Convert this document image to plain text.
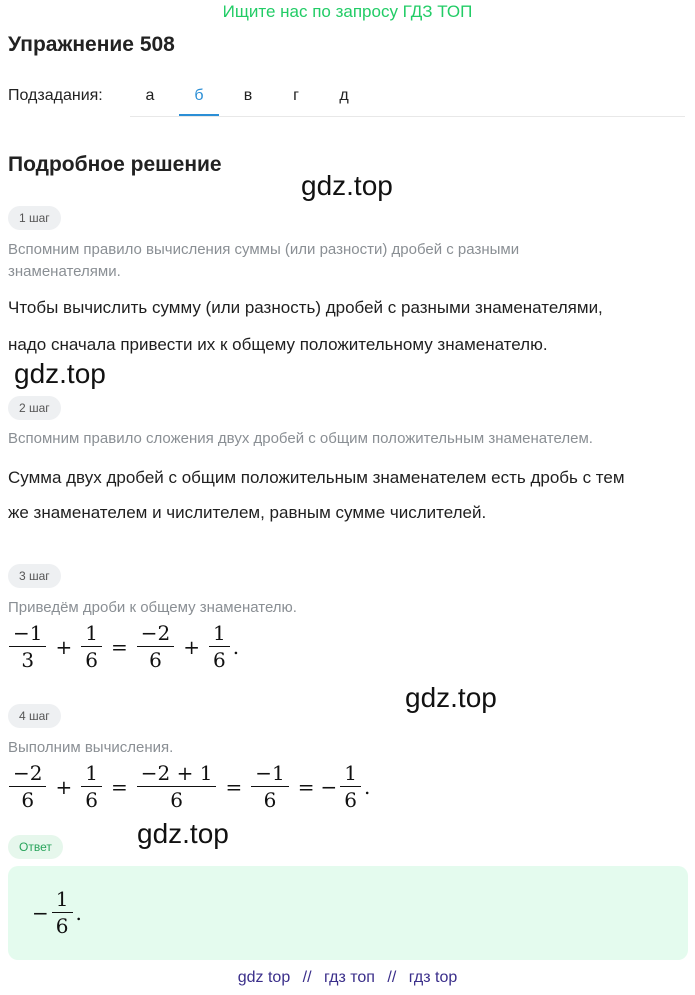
Ищите нас по запросу ГДЗ ТОП
Упражнение 508
Подзадания:	а	б	в	г	д
Подробное решение
gdz.top
gdz.top
gdz.top
gdz.top
1 шаг
Вспомним правило вычисления суммы (или разности) дробей с разными знаменателями.
Чтобы вычислить сумму (или разность) дробей с разными знаменателями,
надо сначала привести их к общему положительному знаменателю.
2 шаг
Вспомним правило сложения двух дробей с общим положительным знаменателем.
Сумма двух дробей с общим положительным знаменателем есть дробь с тем
же знаменателем и числителем, равным сумме числителей.
3 шаг
Приведём дроби к общему знаменателю.
$\frac{-1}{3} + \frac{1}{6} = \frac{-2}{6} + \frac{1}{6}$ .
4 шаг
Выполним вычисления.
$\frac{-2}{6} + \frac{1}{6} = \frac{-2 + 1}{6} = \frac{-1}{6}$ = − $\frac{1}{6}$ .
Ответ
− $\frac{1}{6}$ .
gdz top // гдз топ // гдз top
